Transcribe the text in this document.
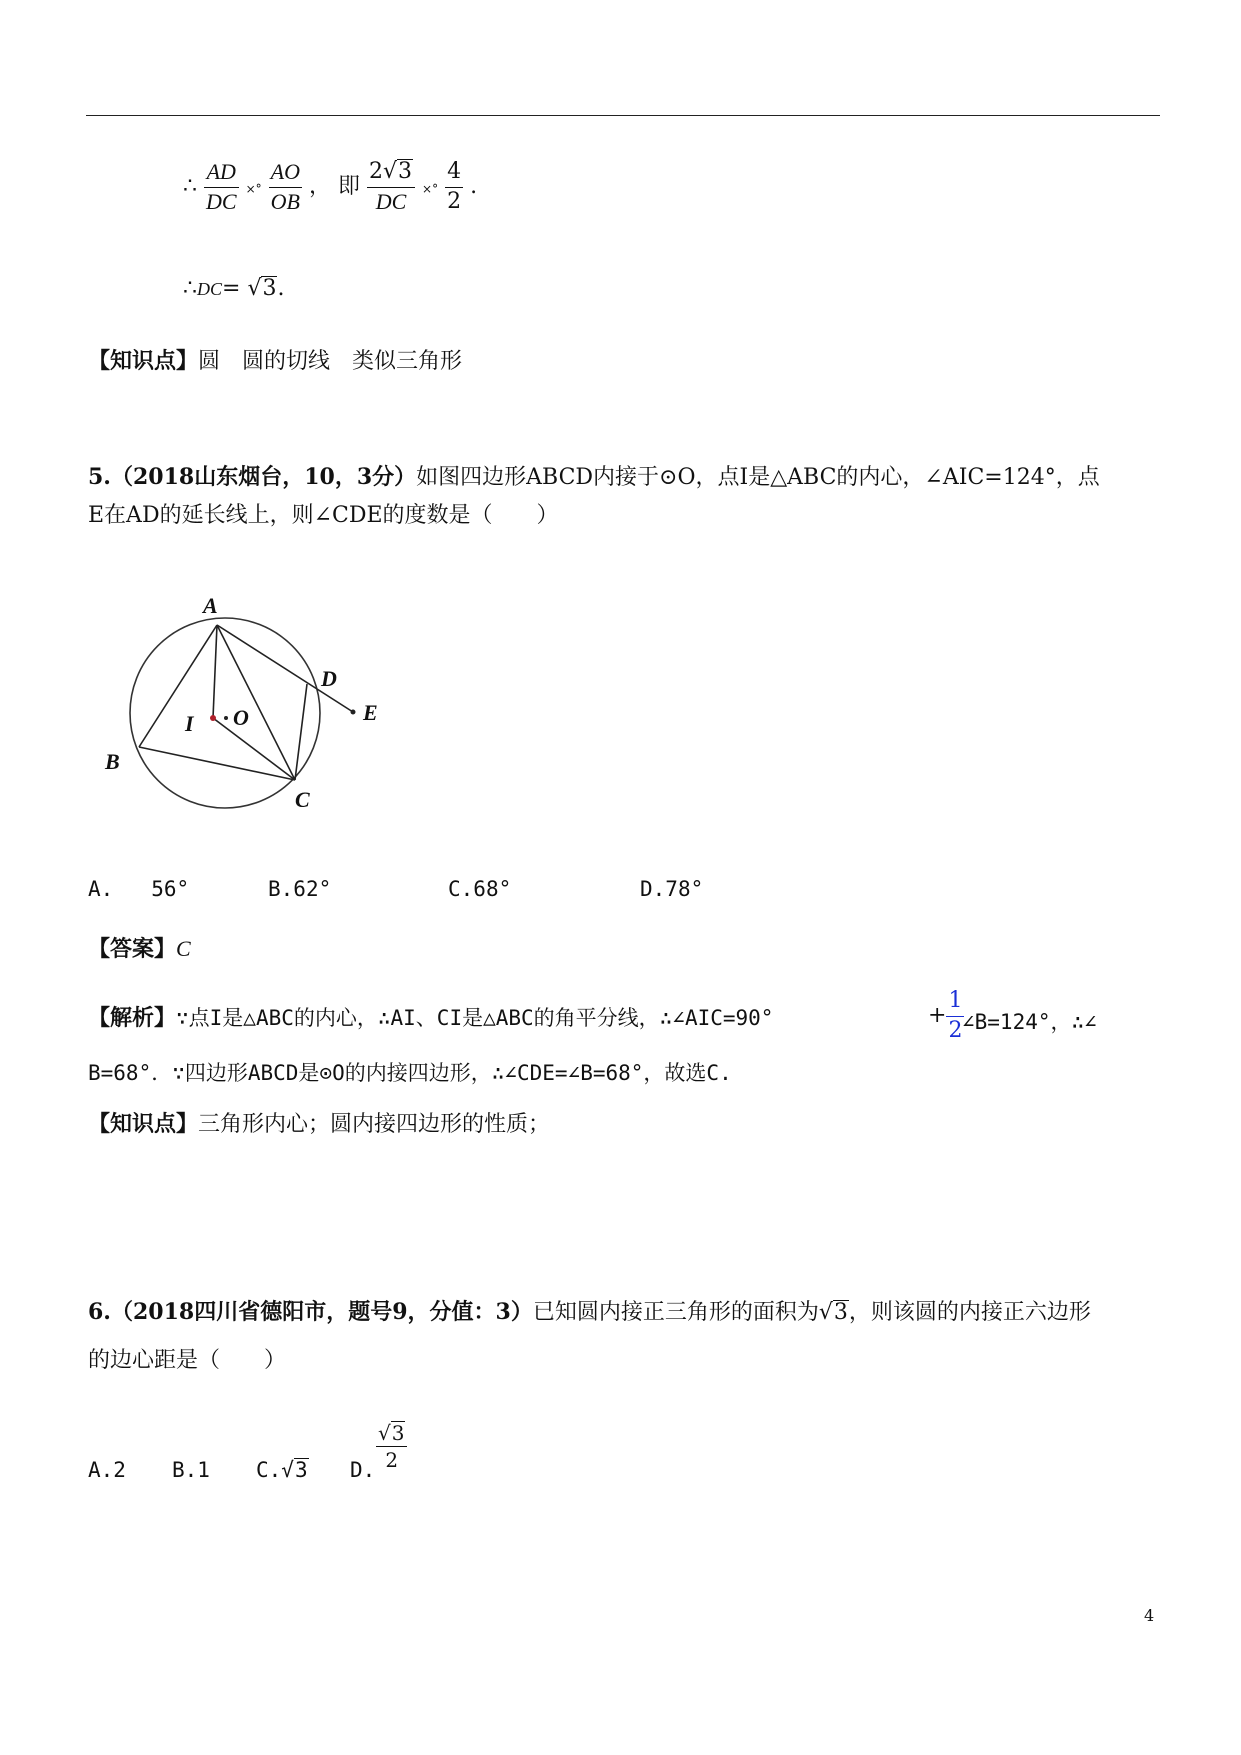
∴ $\frac{AD}{DC}$ ×° $\frac{AO}{OB}$ ， 即 $\frac{2√3}{DC}$ ×° $\frac{4}{2}$ .
∴DC= √3.
【知识点】圆　圆的切线　类似三角形
5.（2018山东烟台，10，3分）如图四边形ABCD内接于⊙O，点I是△ABC的内心，∠AIC=124°，点
E在AD的延长线上，则∠CDE的度数是（　　）
A
B
C
D
E
I O
A. 56°	B.62°	C.68°	D.78°
【答案】C
【解析】∵点I是△ABC的内心，∴AI、CI是△ABC的角平分线，∴∠AIC=90°	+ $\frac{1}{2}$
∠B=124°，∴∠
B=68°．∵四边形ABCD是⊙O的内接四边形，∴∠CDE=∠B=68°，故选C.
【知识点】三角形内心；圆内接四边形的性质；
6.（2018四川省德阳市，题号9，分值：3）已知圆内接正三角形的面积为√3，则该圆的内接正六边形
的边心距是（　　）
A.2 B.1 C.√3 D. $\frac{√3}{2}$
4
